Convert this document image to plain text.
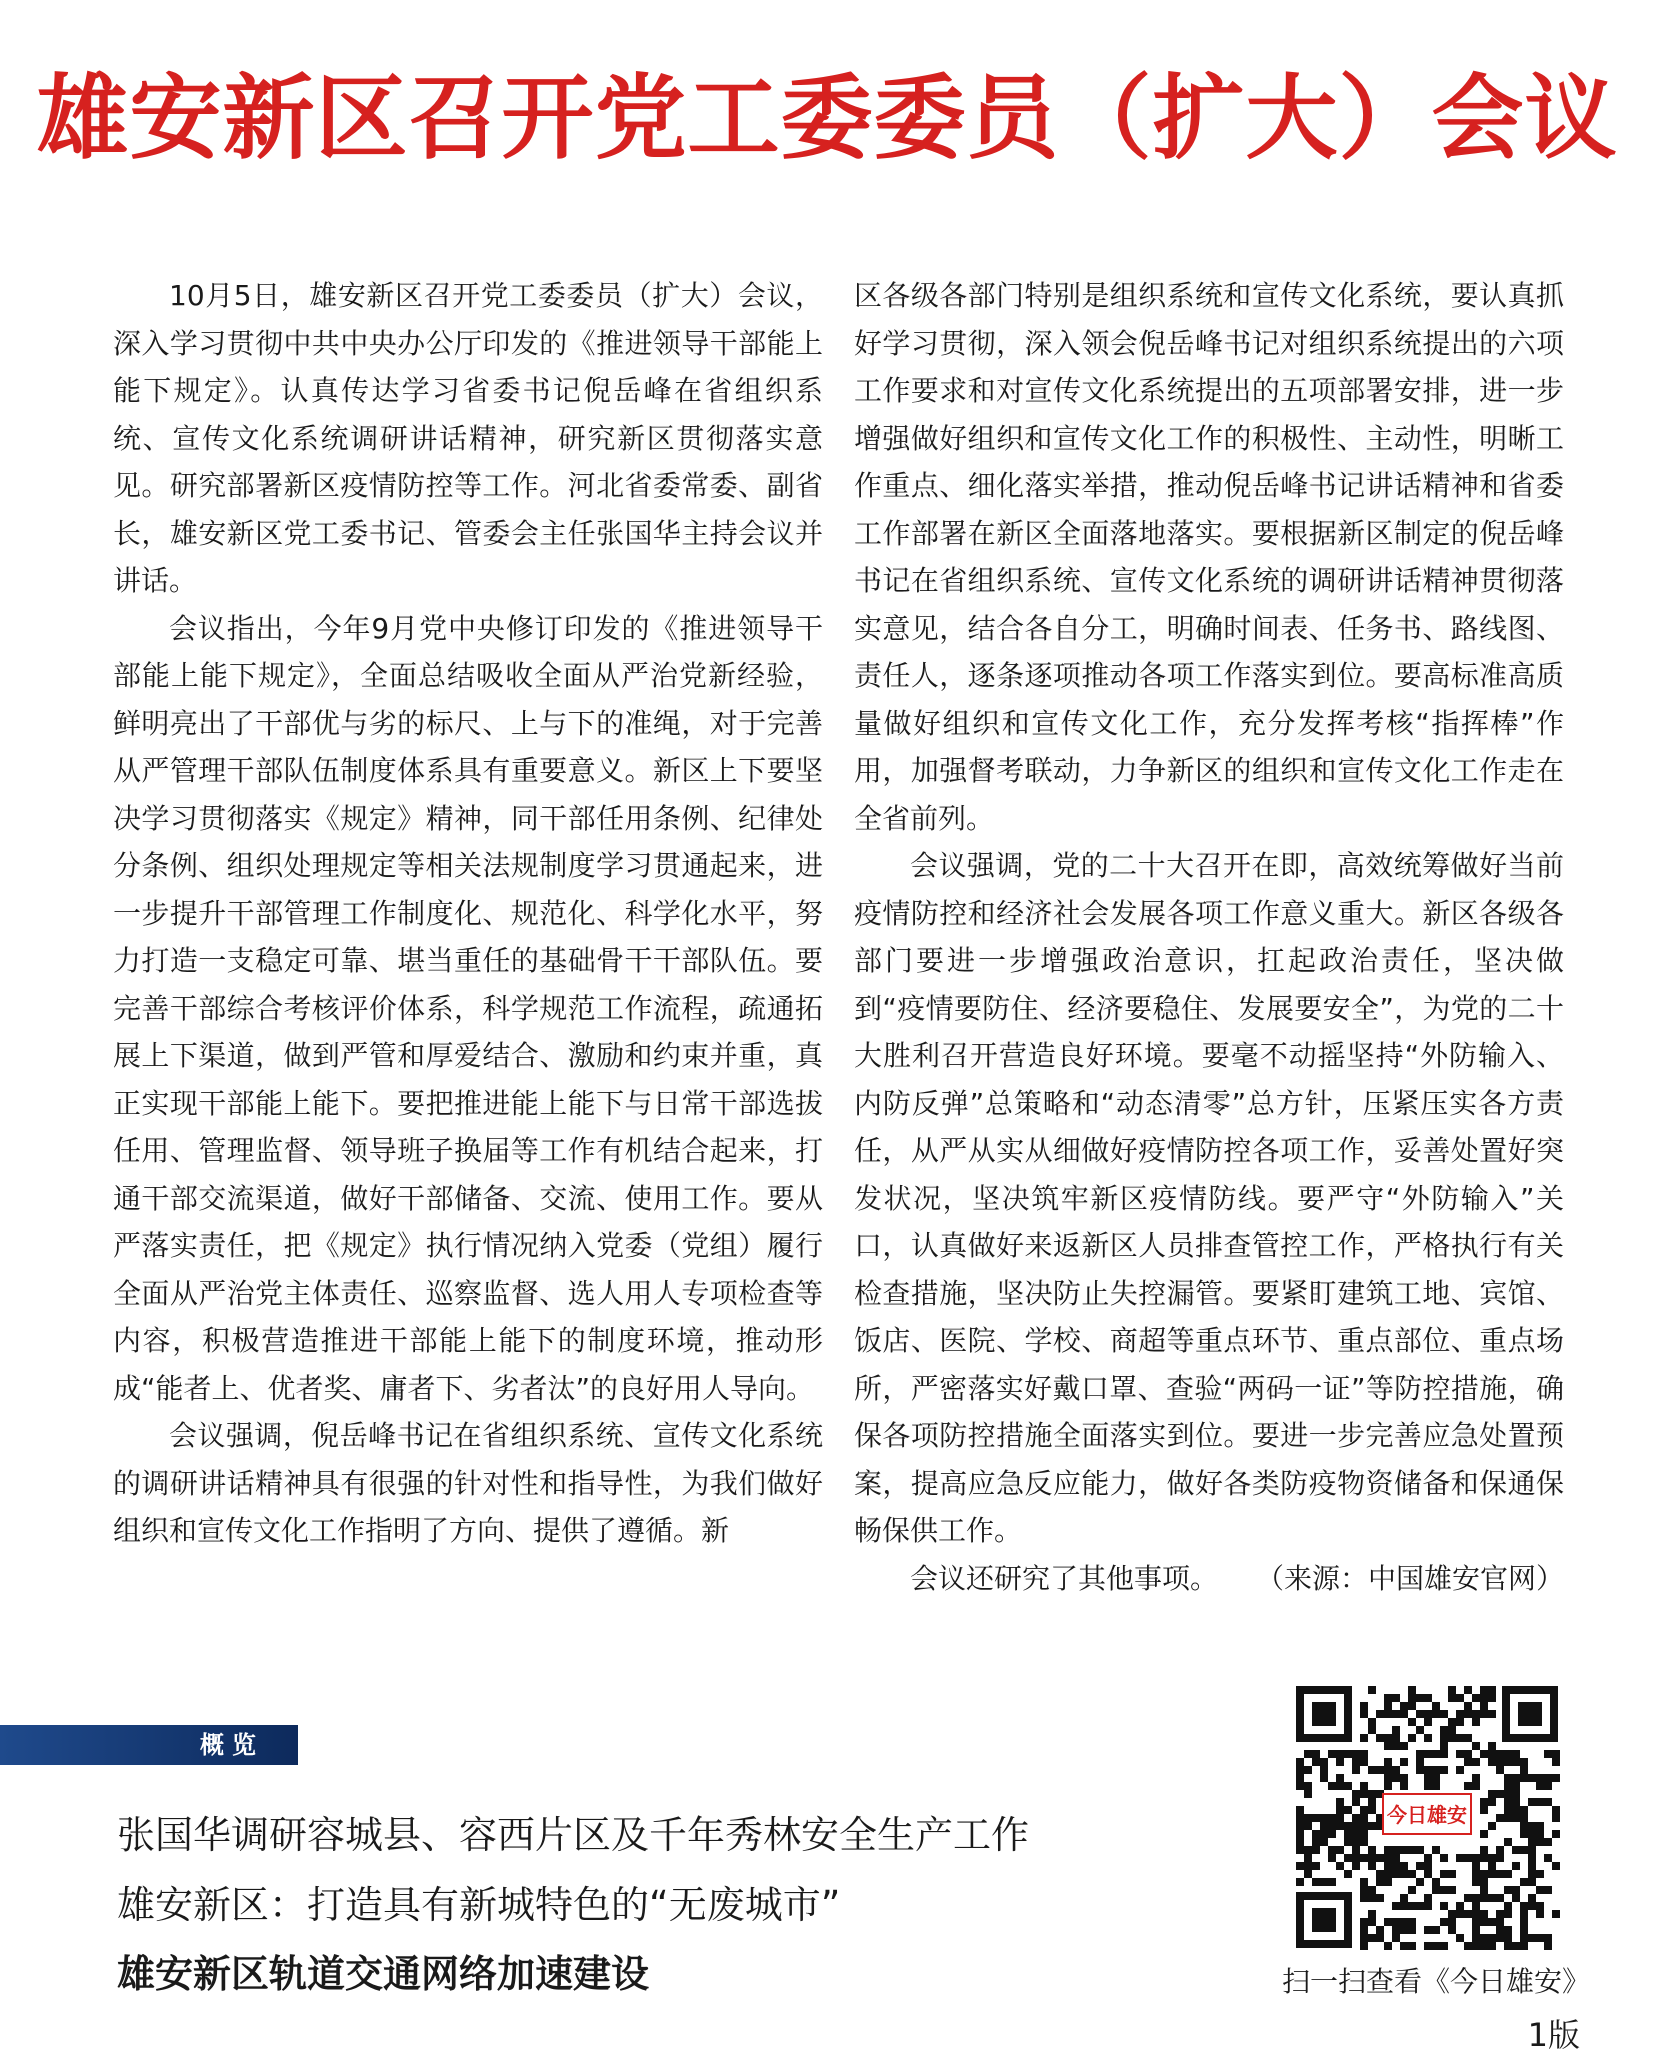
雄安新区召开党工委委员（扩大）会议

10月5日，雄安新区召开党工委委员（扩大）会议，深入学习贯彻中共中央办公厅印发的《推进领导干部能上能下规定》。认真传达学习省委书记倪岳峰在省组织系统、宣传文化系统调研讲话精神，研究新区贯彻落实意见。研究部署新区疫情防控等工作。河北省委常委、副省长，雄安新区党工委书记、管委会主任张国华主持会议并讲话。

会议指出，今年9月党中央修订印发的《推进领导干部能上能下规定》，全面总结吸收全面从严治党新经验，鲜明亮出了干部优与劣的标尺、上与下的准绳，对于完善从严管理干部队伍制度体系具有重要意义。新区上下要坚决学习贯彻落实《规定》精神，同干部任用条例、纪律处分条例、组织处理规定等相关法规制度学习贯通起来，进一步提升干部管理工作制度化、规范化、科学化水平，努力打造一支稳定可靠、堪当重任的基础骨干干部队伍。要完善干部综合考核评价体系，科学规范工作流程，疏通拓展上下渠道，做到严管和厚爱结合、激励和约束并重，真正实现干部能上能下。要把推进能上能下与日常干部选拔任用、管理监督、领导班子换届等工作有机结合起来，打通干部交流渠道，做好干部储备、交流、使用工作。要从严落实责任，把《规定》执行情况纳入党委（党组）履行全面从严治党主体责任、巡察监督、选人用人专项检查等内容，积极营造推进干部能上能下的制度环境，推动形成“能者上、优者奖、庸者下、劣者汰”的良好用人导向。

会议强调，倪岳峰书记在省组织系统、宣传文化系统的调研讲话精神具有很强的针对性和指导性，为我们做好组织和宣传文化工作指明了方向、提供了遵循。新

区各级各部门特别是组织系统和宣传文化系统，要认真抓好学习贯彻，深入领会倪岳峰书记对组织系统提出的六项工作要求和对宣传文化系统提出的五项部署安排，进一步增强做好组织和宣传文化工作的积极性、主动性，明晰工作重点、细化落实举措，推动倪岳峰书记讲话精神和省委工作部署在新区全面落地落实。要根据新区制定的倪岳峰书记在省组织系统、宣传文化系统的调研讲话精神贯彻落实意见，结合各自分工，明确时间表、任务书、路线图、责任人，逐条逐项推动各项工作落实到位。要高标准高质量做好组织和宣传文化工作，充分发挥考核“指挥棒”作用，加强督考联动，力争新区的组织和宣传文化工作走在全省前列。

会议强调，党的二十大召开在即，高效统筹做好当前疫情防控和经济社会发展各项工作意义重大。新区各级各部门要进一步增强政治意识，扛起政治责任，坚决做到“疫情要防住、经济要稳住、发展要安全”，为党的二十大胜利召开营造良好环境。要毫不动摇坚持“外防输入、内防反弹”总策略和“动态清零”总方针，压紧压实各方责任，从严从实从细做好疫情防控各项工作，妥善处置好突发状况，坚决筑牢新区疫情防线。要严守“外防输入”关口，认真做好来返新区人员排查管控工作，严格执行有关检查措施，坚决防止失控漏管。要紧盯建筑工地、宾馆、饭店、医院、学校、商超等重点环节、重点部位、重点场所，严密落实好戴口罩、查验“两码一证”等防控措施，确保各项防控措施全面落实到位。要进一步完善应急处置预案，提高应急反应能力，做好各类防疫物资储备和保通保畅保供工作。

会议还研究了其他事项。 （来源：中国雄安官网）

概览
张国华调研容城县、容西片区及千年秀林安全生产工作
雄安新区：打造具有新城特色的“无废城市”
雄安新区轨道交通网络加速建设
今日雄安
扫一扫查看《今日雄安》
1版
